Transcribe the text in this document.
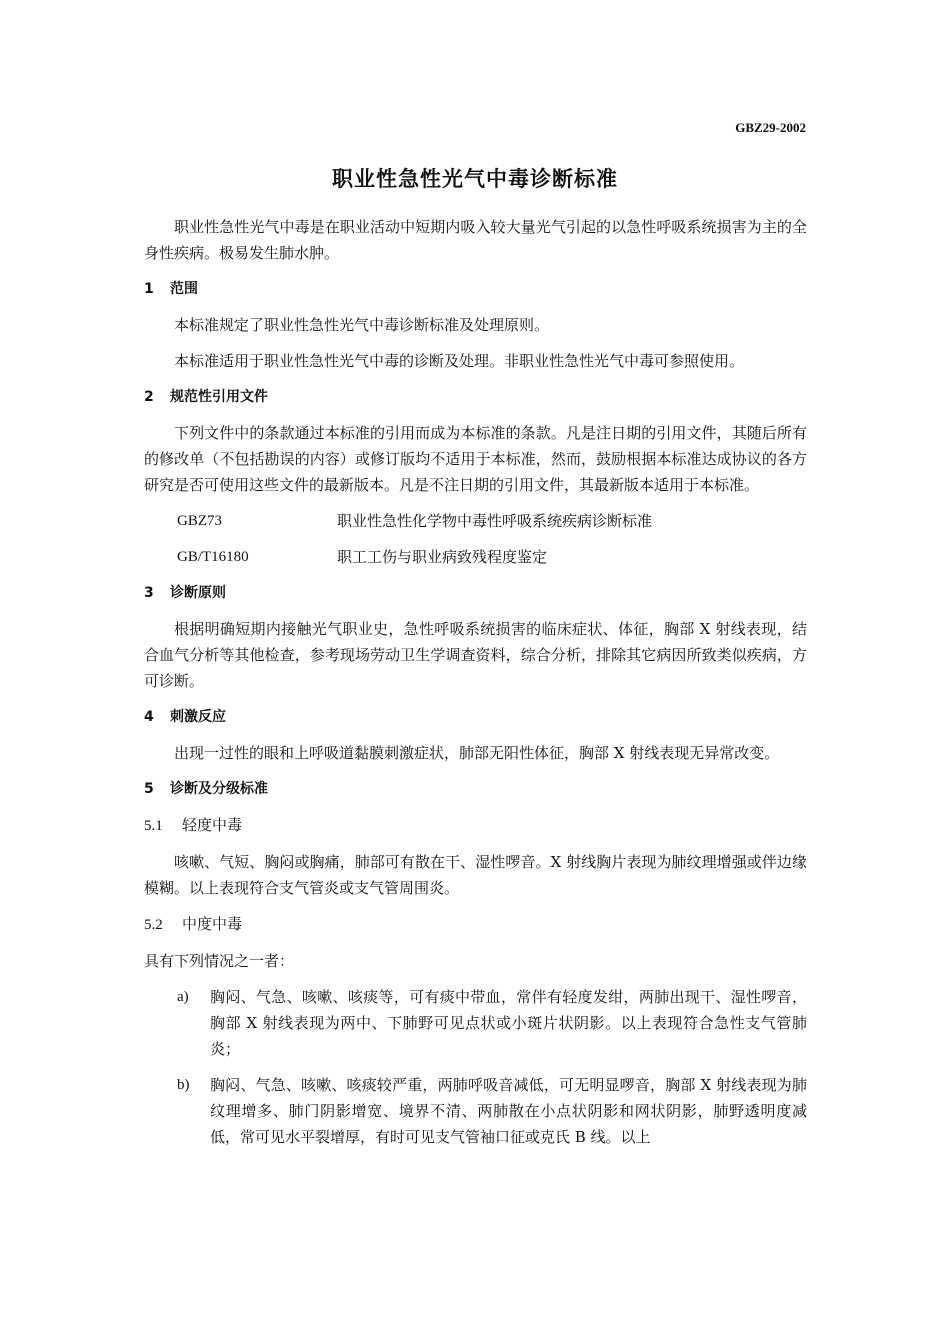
GBZ29-2002
职业性急性光气中毒诊断标准

职业性急性光气中毒是在职业活动中短期内吸入较大量光气引起的以急性呼吸系统损害为主的全身性疾病。极易发生肺水肿。

1 范围

本标准规定了职业性急性光气中毒诊断标准及处理原则。

本标准适用于职业性急性光气中毒的诊断及处理。非职业性急性光气中毒可参照使用。

2 规范性引用文件

下列文件中的条款通过本标准的引用而成为本标准的条款。凡是注日期的引用文件，其随后所有的修改单（不包括勘误的内容）或修订版均不适用于本标准，然而，鼓励根据本标准达成协议的各方研究是否可使用这些文件的最新版本。凡是不注日期的引用文件，其最新版本适用于本标准。

GBZ73	职业性急性化学物中毒性呼吸系统疾病诊断标准
GB/T16180	职工工伤与职业病致残程度鉴定
3 诊断原则

根据明确短期内接触光气职业史，急性呼吸系统损害的临床症状、体征，胸部 X 射线表现，结合血气分析等其他检查，参考现场劳动卫生学调查资料，综合分析，排除其它病因所致类似疾病，方可诊断。

4 刺激反应

出现一过性的眼和上呼吸道黏膜刺激症状，肺部无阳性体征，胸部 X 射线表现无异常改变。

5 诊断及分级标准
5.1 轻度中毒

咳嗽、气短、胸闷或胸痛，肺部可有散在干、湿性啰音。X 射线胸片表现为肺纹理增强或伴边缘模糊。以上表现符合支气管炎或支气管周围炎。

5.2 中度中毒

具有下列情况之一者：

a)	胸闷、气急、咳嗽、咳痰等，可有痰中带血，常伴有轻度发绀，两肺出现干、湿性啰音，胸部 X 射线表现为两中、下肺野可见点状或小斑片状阴影。以上表现符合急性支气管肺炎；
b)	胸闷、气急、咳嗽、咳痰较严重，两肺呼吸音减低，可无明显啰音，胸部 X 射线表现为肺纹理增多、肺门阴影增宽、境界不清、两肺散在小点状阴影和网状阴影，肺野透明度减低，常可见水平裂增厚，有时可见支气管袖口征或克氏 B 线。以上
